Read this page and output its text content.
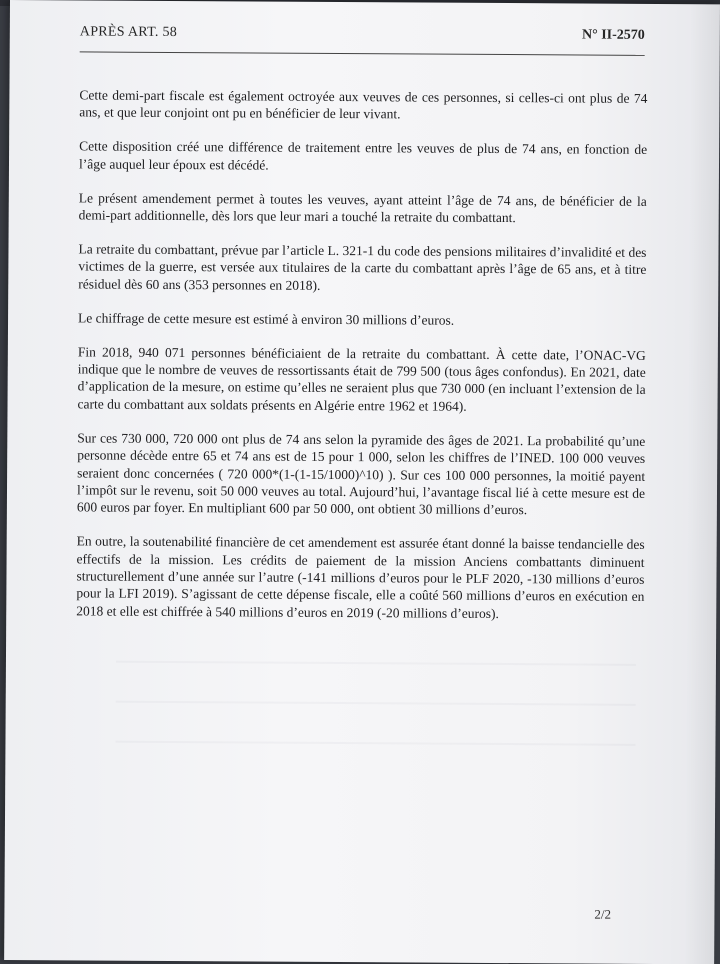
APRÈS ART. 58	N° II-2570

Cette demi-part fiscale est également octroyée aux veuves de ces personnes, si celles-ci ont plus de 74 ans, et que leur conjoint ont pu en bénéficier de leur vivant.

Cette disposition créé une différence de traitement entre les veuves de plus de 74 ans, en fonction de l’âge auquel leur époux est décédé.

Le présent amendement permet à toutes les veuves, ayant atteint l’âge de 74 ans, de bénéficier de la demi-part additionnelle, dès lors que leur mari a touché la retraite du combattant.

La retraite du combattant, prévue par l’article L. 321-1 du code des pensions militaires d’invalidité et des victimes de la guerre, est versée aux titulaires de la carte du combattant après l’âge de 65 ans, et à titre résiduel dès 60 ans (353 personnes en 2018).

Le chiffrage de cette mesure est estimé à environ 30 millions d’euros.

Fin 2018, 940 071 personnes bénéficiaient de la retraite du combattant. À cette date, l’ONAC-VG indique que le nombre de veuves de ressortissants était de 799 500 (tous âges confondus). En 2021, date d’application de la mesure, on estime qu’elles ne seraient plus que 730 000 (en incluant l’extension de la carte du combattant aux soldats présents en Algérie entre 1962 et 1964).

Sur ces 730 000, 720 000 ont plus de 74 ans selon la pyramide des âges de 2021. La probabilité qu’une personne décède entre 65 et 74 ans est de 15 pour 1 000, selon les chiffres de l’INED. 100 000 veuves seraient donc concernées ( 720 000*(1-(1-15/1000)^10) ). Sur ces 100 000 personnes, la moitié payent l’impôt sur le revenu, soit 50 000 veuves au total. Aujourd’hui, l’avantage fiscal lié à cette mesure est de 600 euros par foyer. En multipliant 600 par 50 000, ont obtient 30 millions d’euros.

En outre, la soutenabilité financière de cet amendement est assurée étant donné la baisse tendancielle des effectifs de la mission. Les crédits de paiement de la mission Anciens combattants diminuent structurellement d’une année sur l’autre (-141 millions d’euros pour le PLF 2020, -130 millions d’euros pour la LFI 2019). S’agissant de cette dépense fiscale, elle a coûté 560 millions d’euros en exécution en 2018 et elle est chiffrée à 540 millions d’euros en 2019 (-20 millions d’euros).

2/2
